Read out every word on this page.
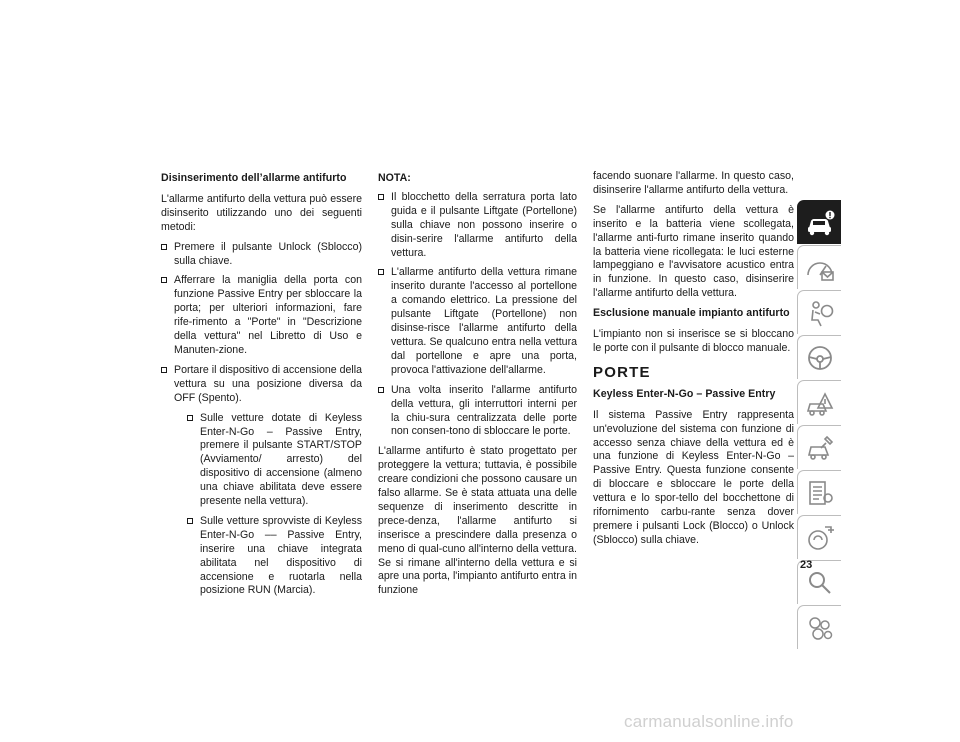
Disinserimento dell’allarme antifurto

L'allarme antifurto della vettura può essere disinserito utilizzando uno dei seguenti metodi:

Premere il pulsante Unlock (Sblocco) sulla chiave.
Afferrare la maniglia della porta con funzione Passive Entry per sbloccare la porta; per ulteriori informazioni, fare rife-rimento a "Porte" in "Descrizione della vettura" nel Libretto di Uso e Manuten-zione.
Portare il dispositivo di accensione della vettura su una posizione diversa da OFF (Spento).
Sulle vetture dotate di Keyless Enter-N-Go – Passive Entry, premere il pulsante START/STOP (Avviamento/ arresto) del dispositivo di accensione (almeno una chiave abilitata deve essere presente nella vettura).
Sulle vetture sprovviste di Keyless Enter-N-Go –– Passive Entry, inserire una chiave integrata abilitata nel dispositivo di accensione e ruotarla nella posizione RUN (Marcia).
NOTA:
Il blocchetto della serratura porta lato guida e il pulsante Liftgate (Portellone) sulla chiave non possono inserire o disin-serire l'allarme antifurto della vettura.
L'allarme antifurto della vettura rimane inserito durante l'accesso al portellone a comando elettrico. La pressione del pulsante Liftgate (Portellone) non disinse-risce l'allarme antifurto della vettura. Se qualcuno entra nella vettura dal portellone e apre una porta, provoca l'attivazione dell'allarme.
Una volta inserito l'allarme antifurto della vettura, gli interruttori interni per la chiu-sura centralizzata delle porte non consen-tono di sbloccare le porte.

L'allarme antifurto è stato progettato per proteggere la vettura; tuttavia, è possibile creare condizioni che possono causare un falso allarme. Se è stata attuata una delle sequenze di inserimento descritte in prece-denza, l'allarme antifurto si inserisce a prescindere dalla presenza o meno di qual-cuno all'interno della vettura. Se si rimane all'interno della vettura e si apre una porta, l'impianto antifurto entra in funzione

facendo suonare l'allarme. In questo caso, disinserire l'allarme antifurto della vettura.

Se l'allarme antifurto della vettura è inserito e la batteria viene scollegata, l'allarme anti-furto rimane inserito quando la batteria viene ricollegata: le luci esterne lampeggiano e l'avvisatore acustico entra in funzione. In questo caso, disinserire l'allarme antifurto della vettura.

Esclusione manuale impianto antifurto

L'impianto non si inserisce se si bloccano le porte con il pulsante di blocco manuale.

PORTE
Keyless Enter-N-Go – Passive Entry

Il sistema Passive Entry rappresenta un'evoluzione del sistema con funzione di accesso senza chiave della vettura ed è una funzione di Keyless Enter-N-Go – Passive Entry. Questa funzione consente di bloccare e sbloccare le porte della vettura e lo spor-tello del bocchettone di rifornimento carbu-rante senza dover premere i pulsanti Lock (Blocco) o Unlock (Sblocco) sulla chiave.

23
carmanualsonline.info
